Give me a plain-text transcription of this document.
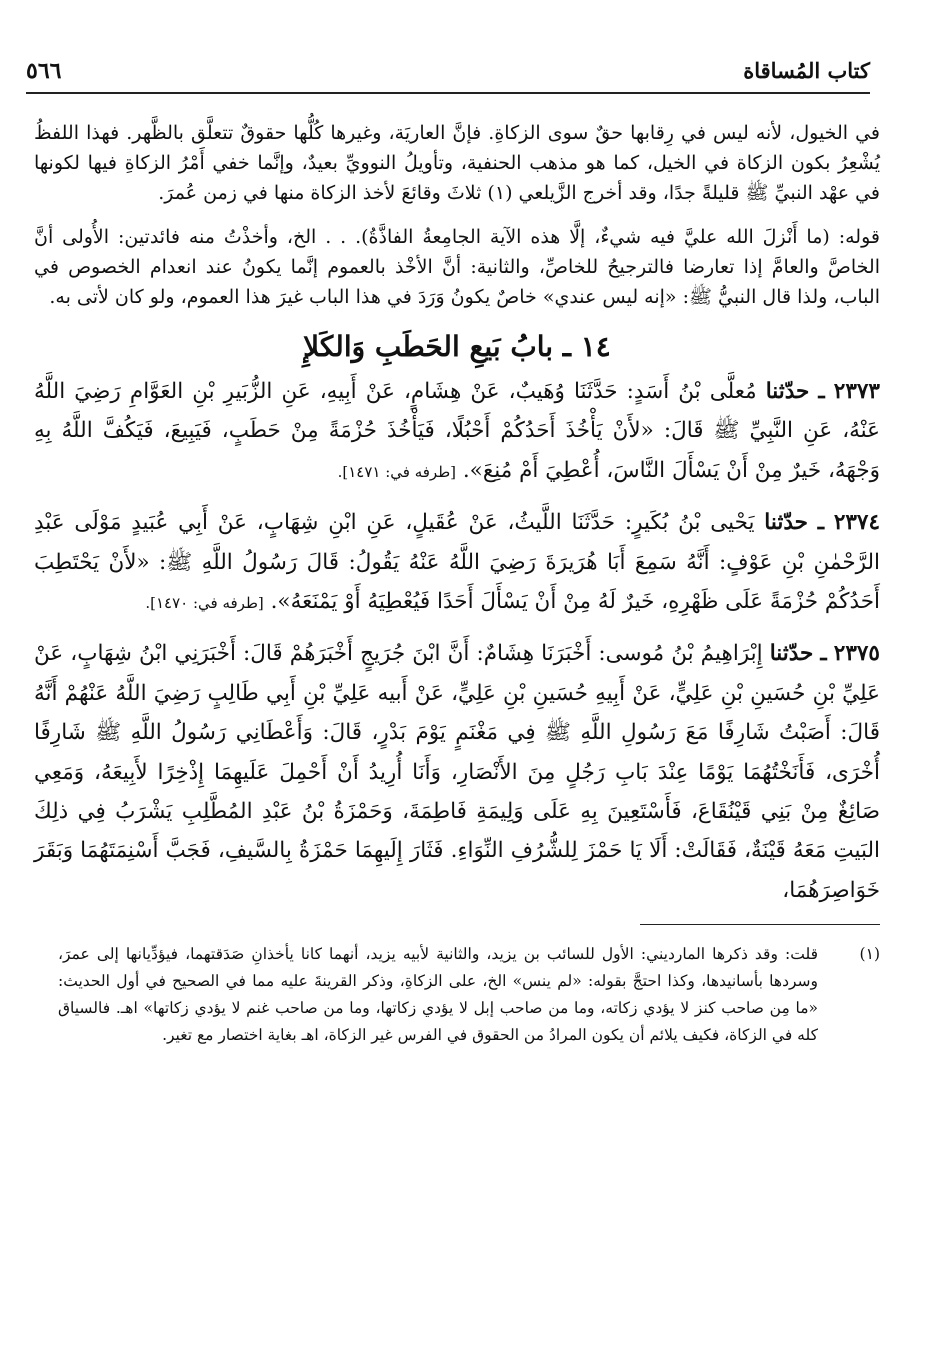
كتاب المُساقاة
٥٦٦

في الخيول، لأنه ليس في رِقابها حقٌ سوى الزكاةِ. فإنَّ العاريَة، وغيرها كُلُّها حقوقٌ تتعلَّق بالظَّهر. فهذا اللفظُ يُشْعِرُ بكون الزكاة في الخيل، كما هو مذهب الحنفية، وتأويلُ النوويِّ بعيدٌ، وإنَّما خفي أَمْرُ الزكاةِ فيها لكونها في عهْد النبيِّ ﷺ قليلةً جدًا، وقد أخرج الزَّيلعي (١) ثلاثَ وقائعَ لأخذ الزكاة منها في زمن عُمرَ.

قوله: (ما أَنْزلَ الله عليَّ فيه شيءٌ، إلَّا هذه الآية الجامِعةُ الفاذَّةُ). . . الخ، وأخذْتُ منه فائدتين: الأُولى أنَّ الخاصَّ والعامَّ إذا تعارضا فالترجيحُ للخاصِّ، والثانية: أنَّ الأخْذ بالعموم إنَّما يكونُ عند انعدام الخصوص في الباب، ولذا قال النبيُّ ﷺ: «إنه ليس عندي» خاصٌ يكونُ وَرَدَ في هذا الباب غيرَ هذا العموم، ولو كان لأتى به.

١٤ ـ بابُ بَيعِ الحَطَبِ وَالكَلإِ

٢٣٧٣ ـ حدّثنا مُعلَّى بْنُ أَسَدٍ: حَدَّثَنَا وُهَيبٌ، عَنْ هِشَامٍ، عَنْ أَبِيهِ، عَنِ الزُّبَيرِ بْنِ العَوَّامِ رَضِيَ اللَّهُ عَنْهُ، عَنِ النَّبِيِّ ﷺ قَالَ: «لأَنْ يَأْخُذَ أَحَدُكُمْ أَحْبُلًا، فَيَأْخُذَ حُزْمَةً مِنْ حَطَبٍ، فَيَبِيعَ، فَيَكُفَّ اللَّهُ بِهِ وَجْهَهُ، خَيرٌ مِنْ أَنْ يَسْأَلَ النَّاسَ، أُعْطِيَ أَمْ مُنِعَ». [طرفه في: ١٤٧١].

٢٣٧٤ ـ حدّثنا يَحْيى بْنُ بُكَيرٍ: حَدَّثَنَا اللَّيثُ، عَنْ عُقَيلٍ، عَنِ ابْنِ شِهَابٍ، عَنْ أَبِي عُبَيدٍ مَوْلَى عَبْدِ الرَّحْمٰنِ بْنِ عَوْفٍ: أَنَّهُ سَمِعَ أَبَا هُرَيرَةَ رَضِيَ اللَّهُ عَنْهُ يَقُولُ: قَالَ رَسُولُ اللَّهِ ﷺ: «لأَنْ يَحْتَطِبَ أَحَدُكُمْ حُزْمَةً عَلَى ظَهْرِهِ، خَيرٌ لَهُ مِنْ أَنْ يَسْأَلَ أَحَدًا فَيُعْطِيَهُ أَوْ يَمْنَعَهُ». [طرفه في: ١٤٧٠].

٢٣٧٥ ـ حدّثنا إِبْرَاهِيمُ بْنُ مُوسى: أَخْبَرَنَا هِشَامٌ: أَنَّ ابْنَ جُرَيجٍ أَخْبَرَهُمْ قَالَ: أَخْبَرَنِي ابْنُ شِهَابٍ، عَنْ عَلِيِّ بْنِ حُسَينِ بْنِ عَلِيٍّ، عَنْ أَبِيهِ حُسَينِ بْنِ عَلِيٍّ، عَنْ أَبيه عَلِيِّ بْنِ أَبِي طَالِبٍ رَضِيَ اللَّهُ عَنْهُمْ أَنَّهُ قَالَ: أَصَبْتُ شَارِفًا مَعَ رَسُولِ اللَّهِ ﷺ فِي مَغْنَمٍ يَوْمَ بَدْرٍ، قَالَ: وَأَعْطَانِي رَسُولُ اللَّهِ ﷺ شَارِفًا أُخْرَى، فَأَنَخْتُهُمَا يَوْمًا عِنْدَ بَابِ رَجُلٍ مِنَ الأَنْصَارِ، وَأَنَا أُرِيدُ أَنْ أَحْمِلَ عَلَيهِمَا إِذْخِرًا لأَبِيعَهُ، وَمَعِي صَائِغٌ مِنْ بَنِي قَيْنُقَاعَ، فَأَسْتَعِينَ بِهِ عَلَى وَلِيمَةِ فَاطِمَةَ، وَحَمْزَةُ بْنُ عَبْدِ المُطَّلِبِ يَشْرَبُ فِي ذلِكَ البَيتِ مَعَهُ قَيْنَةٌ، فَقَالَتْ: أَلَا يَا حَمْزَ لِلشُّرُفِ النِّوَاءِ. فَثَارَ إِلَيهِمَا حَمْزَةُ بِالسَّيفِ، فَجَبَّ أَسْنِمَتَهُمَا وَبَقَرَ خَوَاصِرَهُمَا،

(١)
قلت: وقد ذكرها المارديني: الأول للسائب بن يزيد، والثانية لأبيه يزيد، أنهما كانا يأخذانِ صَدَقتهما، فيؤدِّيانها إلى عمرَ، وسردها بأسانيدها، وكذا احتجَّ بقوله: «لم ينس» الخ، على الزكاةِ، وذكر القرينةَ عليه مما في الصحيح في أول الحديث: «ما مِن صاحب كنز لا يؤدي زكاته، وما من صاحب إبل لا يؤدي زكاتها، وما من صاحب غنم لا يؤدي زكاتها» اهـ. فالسياق كله في الزكاة، فكيف يلائم أن يكون المرادُ من الحقوق في الفرس غير الزكاة، اهـ بغاية اختصار مع تغير.
